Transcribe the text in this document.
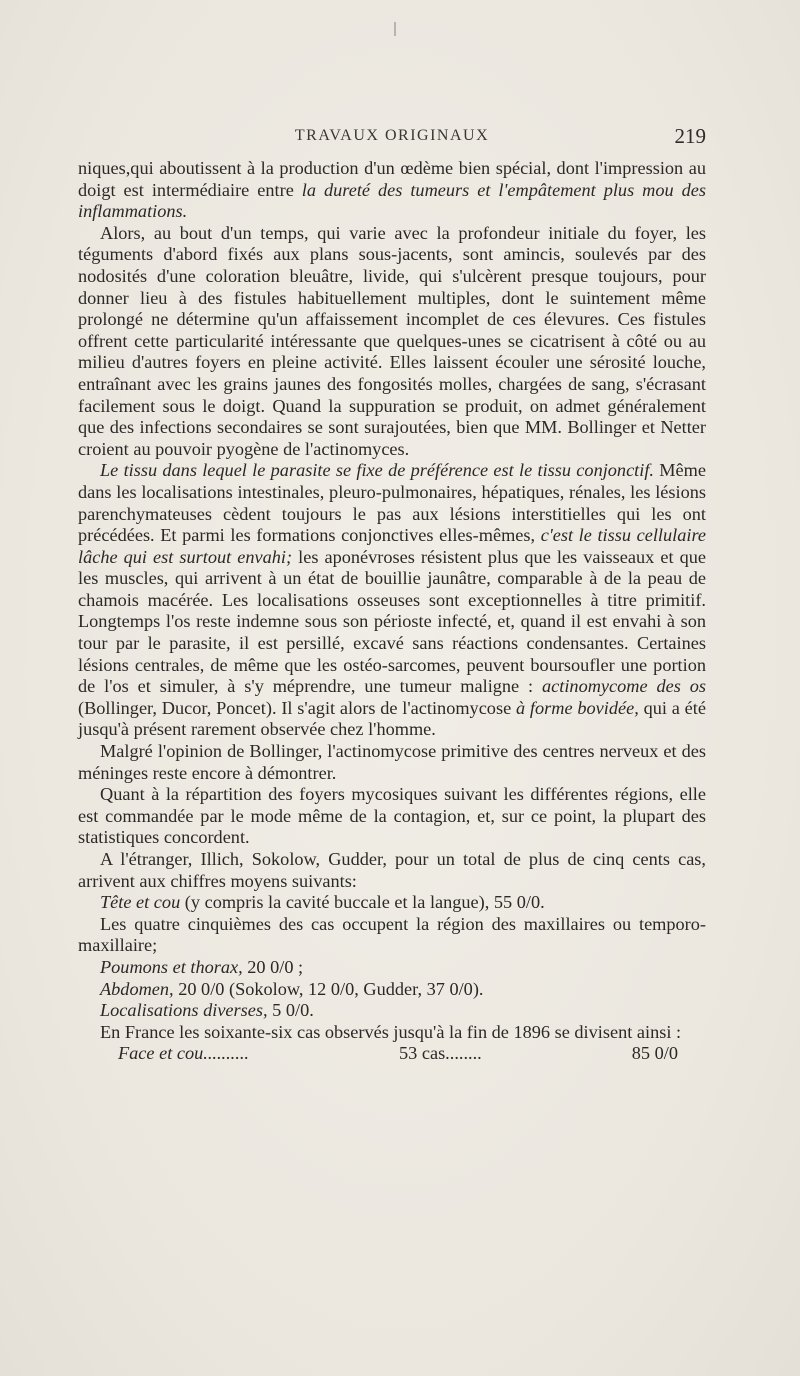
TRAVAUX ORIGINAUX	219

niques,qui aboutissent à la production d'un œdème bien spécial, dont l'impression au doigt est intermédiaire entre la dureté des tumeurs et l'empâtement plus mou des inflammations.

Alors, au bout d'un temps, qui varie avec la profondeur initiale du foyer, les téguments d'abord fixés aux plans sous-jacents, sont amincis, soulevés par des nodosités d'une coloration bleuâtre, livide, qui s'ulcèrent presque toujours, pour donner lieu à des fistules habituellement multiples, dont le suintement même prolongé ne détermine qu'un affaissement incomplet de ces élevures. Ces fistules offrent cette particularité intéressante que quelques-unes se cicatrisent à côté ou au milieu d'autres foyers en pleine activité. Elles laissent écouler une sérosité louche, entraînant avec les grains jaunes des fongosités molles, chargées de sang, s'écrasant facilement sous le doigt. Quand la suppuration se produit, on admet généralement que des infections secondaires se sont surajoutées, bien que MM. Bollinger et Netter croient au pouvoir pyogène de l'actinomyces.

Le tissu dans lequel le parasite se fixe de préférence est le tissu conjonctif. Même dans les localisations intestinales, pleuro-pulmonaires, hépatiques, rénales, les lésions parenchymateuses cèdent toujours le pas aux lésions interstitielles qui les ont précédées. Et parmi les formations conjonctives elles-mêmes, c'est le tissu cellulaire lâche qui est surtout envahi; les aponévroses résistent plus que les vaisseaux et que les muscles, qui arrivent à un état de bouillie jaunâtre, comparable à de la peau de chamois macérée. Les localisations osseuses sont exceptionnelles à titre primitif. Longtemps l'os reste indemne sous son périoste infecté, et, quand il est envahi à son tour par le parasite, il est persillé, excavé sans réactions condensantes. Certaines lésions centrales, de même que les ostéo-sarcomes, peuvent boursoufler une portion de l'os et simuler, à s'y méprendre, une tumeur maligne : actinomycome des os (Bollinger, Ducor, Poncet). Il s'agit alors de l'actinomycose à forme bovidée, qui a été jusqu'à présent rarement observée chez l'homme.

Malgré l'opinion de Bollinger, l'actinomycose primitive des centres nerveux et des méninges reste encore à démontrer.

Quant à la répartition des foyers mycosiques suivant les différentes régions, elle est commandée par le mode même de la contagion, et, sur ce point, la plupart des statistiques concordent.

A l'étranger, Illich, Sokolow, Gudder, pour un total de plus de cinq cents cas, arrivent aux chiffres moyens suivants:

Tête et cou (y compris la cavité buccale et la langue), 55 0/0.

Les quatre cinquièmes des cas occupent la région des maxillaires ou temporo-maxillaire;

Poumons et thorax, 20 0/0 ;

Abdomen, 20 0/0 (Sokolow, 12 0/0, Gudder, 37 0/0).

Localisations diverses, 5 0/0.

En France les soixante-six cas observés jusqu'à la fin de 1896 se divisent ainsi :

Face et cou..........	53 cas........	85 0/0
